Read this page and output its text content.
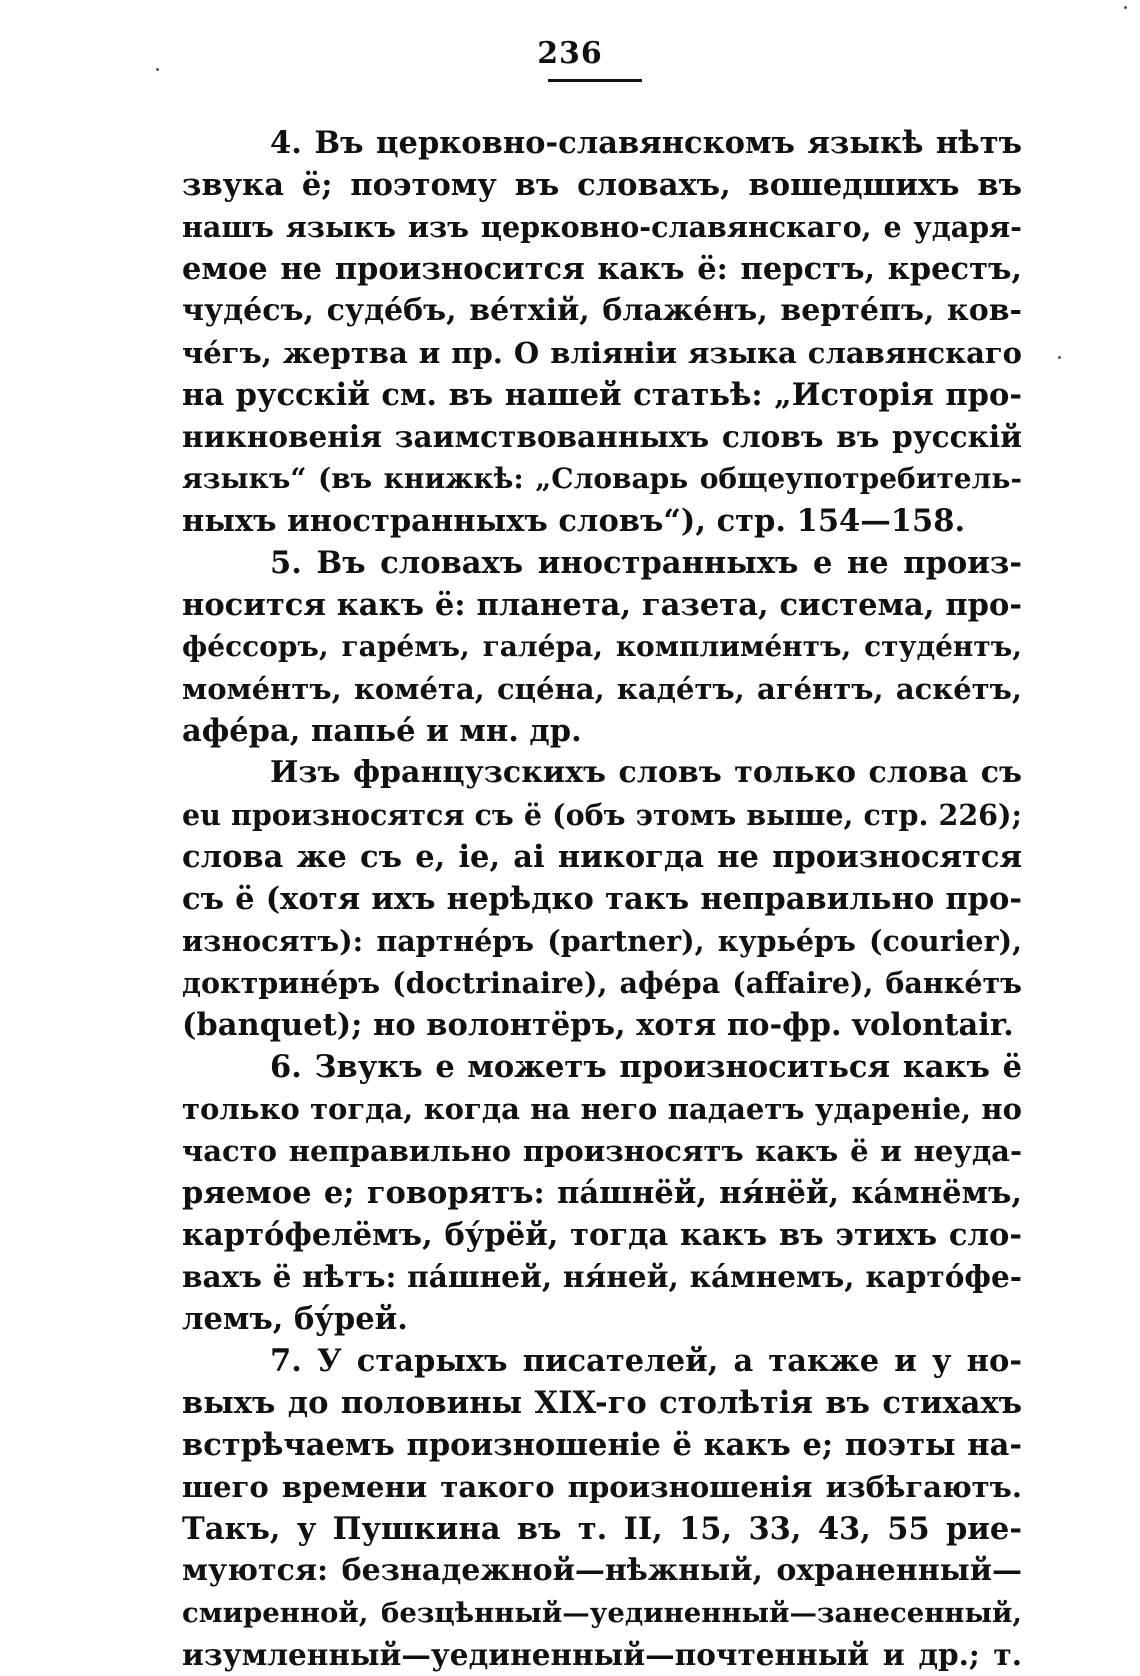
236
4. Въ церковно-славянскомъ языкѣ нѣтъ
звука ё; поэтому въ словахъ, вошедшихъ въ
нашъ языкъ изъ церковно-славянскаго, е ударя-
емое не произносится какъ ё: перстъ, крестъ,
чудéсъ, судéбъ, вéтхій, блажéнъ, вертéпъ, ков-
чéгъ, жертва и пр. О вліяніи языка славянскаго
на русскій см. въ нашей статьѣ: „Исторія про-
никновенія заимствованныхъ словъ въ русскій
языкъ“ (въ книжкѣ: „Словарь общеупотребитель-
ныхъ иностранныхъ словъ“), стр. 154—158.
5. Въ словахъ иностранныхъ е не произ-
носится какъ ё: планета, газета, система, про-
фéссоръ, гарéмъ, галéра, комплимéнтъ, студéнтъ,
момéнтъ, комéта, сцéна, кадéтъ, агéнтъ, аскéтъ,
афéра, папьé и мн. др.
Изъ французскихъ словъ только слова съ
eu произносятся съ ё (объ этомъ выше, стр. 226);
слова же съ е, ie, ai никогда не произносятся
съ ё (хотя ихъ нерѣдко такъ неправильно про-
износятъ): партнéръ (partner), курьéръ (courier),
доктринéръ (doctrinaire), афéра (affaire), банкéтъ
(banquet); но волонтёръ, хотя по-фр. volontair.
6. Звукъ е можетъ произноситься какъ ё
только тогда, когда на него падаетъ удареніе, но
часто неправильно произносятъ какъ ё и неуда-
ряемое е; говорятъ: пáшнёй, ня́нёй, кáмнёмъ,
картóфелёмъ, бу́рёй, тогда какъ въ этихъ сло-
вахъ ё нѣтъ: пáшней, ня́ней, кáмнемъ, картóфе-
лемъ, бу́рей.
7. У старыхъ писателей, а также и у но-
выхъ до половины XIX-го столѣтія въ стихахъ
встрѣчаемъ произношеніе ё какъ е; поэты на-
шего времени такого произношенія избѣгаютъ.
Такъ, у Пушкина въ т. II, 15, 33, 43, 55 рие-
муются: безнадежной—нѣжный, охраненный—
смиренной, безцѣнный—уединенный—занесенный,
изумленный—уединенный—почтенный и др.; т.
